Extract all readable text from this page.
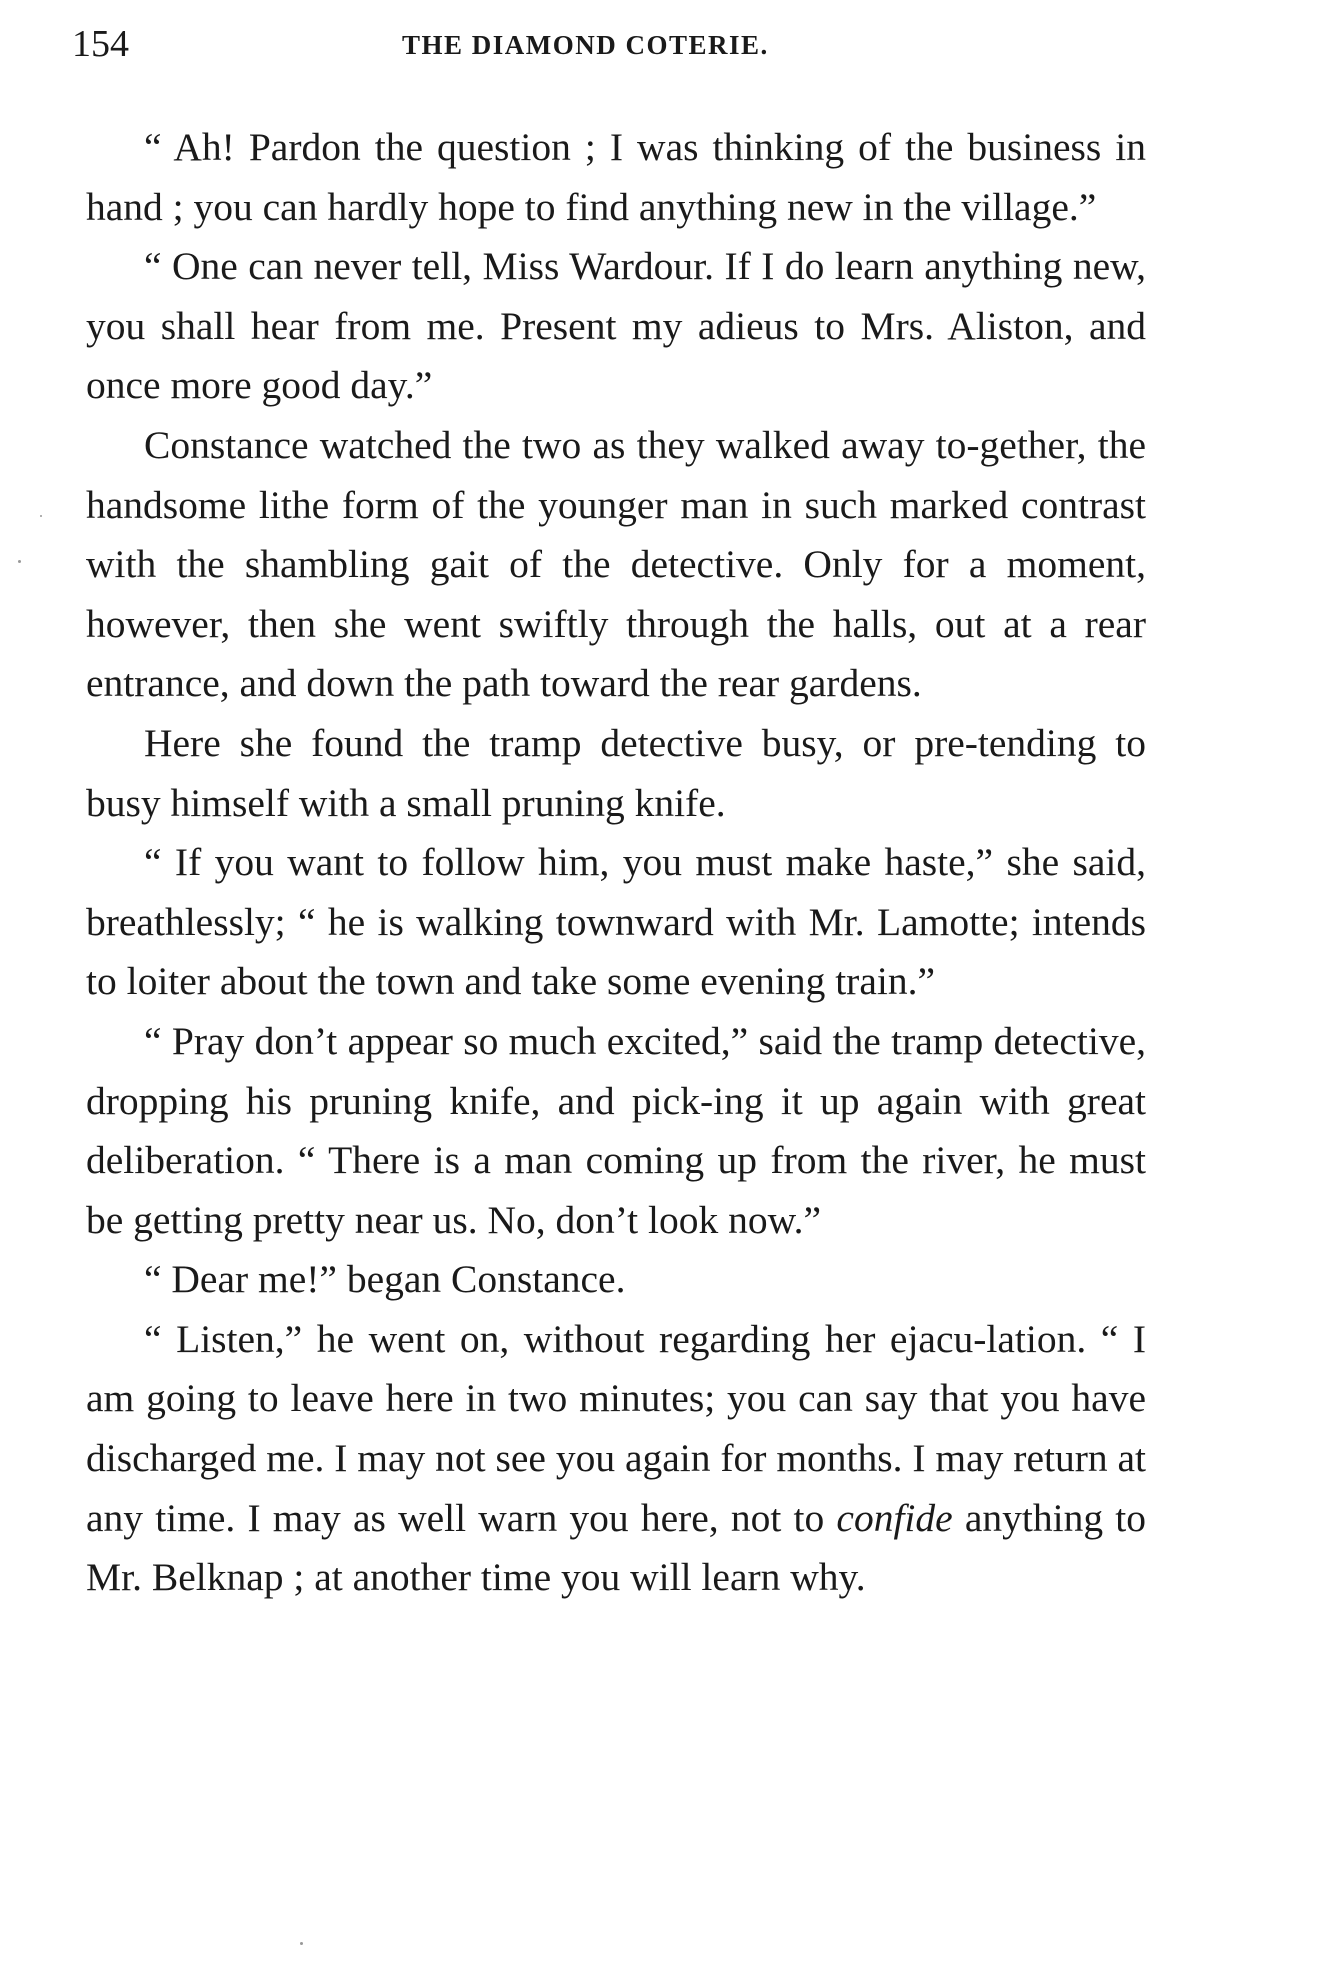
154	THE DIAMOND COTERIE.

“ Ah! Pardon the question ; I was thinking of the business in hand ; you can hardly hope to find anything new in the village.”

“ One can never tell, Miss Wardour. If I do learn anything new, you shall hear from me. Present my adieus to Mrs. Aliston, and once more good day.”

Constance watched the two as they walked away to-gether, the handsome lithe form of the younger man in such marked contrast with the shambling gait of the detective. Only for a moment, however, then she went swiftly through the halls, out at a rear entrance, and down the path toward the rear gardens.

Here she found the tramp detective busy, or pre-tending to busy himself with a small pruning knife.

“ If you want to follow him, you must make haste,” she said, breathlessly; “ he is walking townward with Mr. Lamotte; intends to loiter about the town and take some evening train.”

“ Pray don’t appear so much excited,” said the tramp detective, dropping his pruning knife, and pick-ing it up again with great deliberation. “ There is a man coming up from the river, he must be getting pretty near us. No, don’t look now.”

“ Dear me!” began Constance.

“ Listen,” he went on, without regarding her ejacu-lation. “ I am going to leave here in two minutes; you can say that you have discharged me. I may not see you again for months. I may return at any time. I may as well warn you here, not to confide anything to Mr. Belknap ; at another time you will learn why.
